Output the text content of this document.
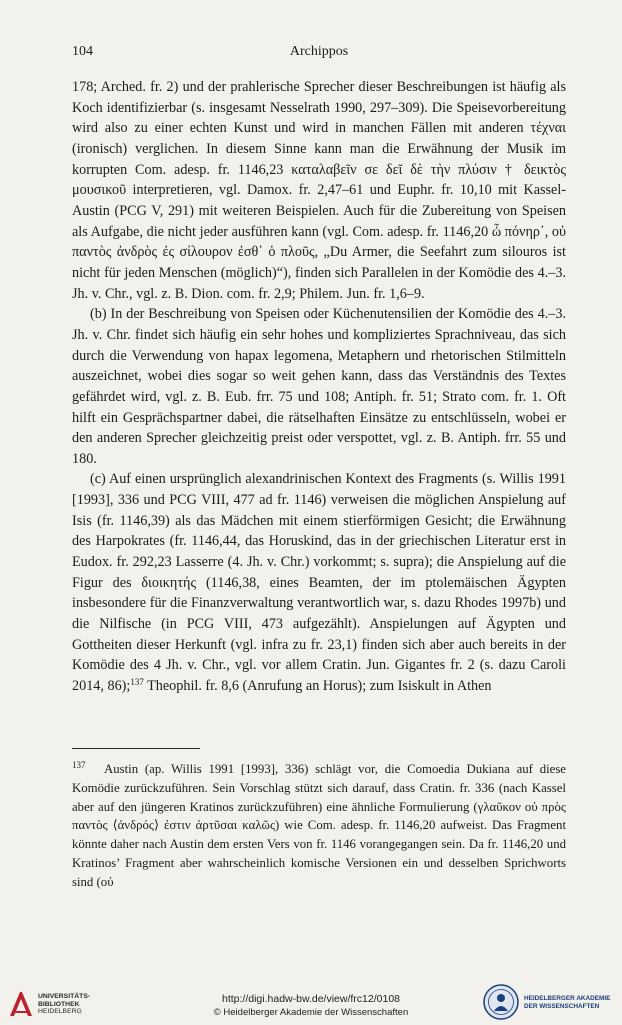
104	Archippos

178; Arched. fr. 2) und der prahlerische Sprecher dieser Beschreibungen ist häufig als Koch identifizierbar (s. insgesamt Nesselrath 1990, 297–309). Die Speisevorbereitung wird also zu einer echten Kunst und wird in manchen Fällen mit anderen τέχναι (ironisch) verglichen. In diesem Sinne kann man die Erwähnung der Musik im korrupten Com. adesp. fr. 1146,23 καταλαβεῖν σε δεῖ δὲ τὴν πλύσιν † δεικτὸς μουσικοῦ interpretieren, vgl. Damox. fr. 2,47–61 und Euphr. fr. 10,10 mit Kassel-Austin (PCG V, 291) mit weiteren Beispielen. Auch für die Zubereitung von Speisen als Aufgabe, die nicht jeder ausführen kann (vgl. Com. adesp. fr. 1146,20 ὦ πόνηρ᾽, οὐ παντὸς ἀνδρὸς ἐς σίλουρον ἐσθ᾽ ὁ πλοῦς, „Du Armer, die Seefahrt zum silouros ist nicht für jeden Menschen (möglich)“), finden sich Parallelen in der Komödie des 4.–3. Jh. v. Chr., vgl. z. B. Dion. com. fr. 2,9; Philem. Jun. fr. 1,6–9.

(b) In der Beschreibung von Speisen oder Küchenutensilien der Komödie des 4.–3. Jh. v. Chr. findet sich häufig ein sehr hohes und kompliziertes Sprachniveau, das sich durch die Verwendung von hapax legomena, Metaphern und rhetorischen Stilmitteln auszeichnet, wobei dies sogar so weit gehen kann, dass das Verständnis des Textes gefährdet wird, vgl. z. B. Eub. frr. 75 und 108; Antiph. fr. 51; Strato com. fr. 1. Oft hilft ein Gesprächspartner dabei, die rätselhaften Einsätze zu entschlüsseln, wobei er den anderen Sprecher gleichzeitig preist oder verspottet, vgl. z. B. Antiph. frr. 55 und 180.

(c) Auf einen ursprünglich alexandrinischen Kontext des Fragments (s. Willis 1991 [1993], 336 und PCG VIII, 477 ad fr. 1146) verweisen die möglichen Anspielung auf Isis (fr. 1146,39) als das Mädchen mit einem stierförmigen Gesicht; die Erwähnung des Harpokrates (fr. 1146,44, das Horuskind, das in der griechischen Literatur erst in Eudox. fr. 292,23 Lasserre (4. Jh. v. Chr.) vorkommt; s. supra); die Anspielung auf die Figur des διοικητής (1146,38, eines Beamten, der im ptolemäischen Ägypten insbesondere für die Finanzverwaltung verantwortlich war, s. dazu Rhodes 1997b) und die Nilfische (in PCG VIII, 473 aufgezählt). Anspielungen auf Ägypten und Gottheiten dieser Herkunft (vgl. infra zu fr. 23,1) finden sich aber auch bereits in der Komödie des 4 Jh. v. Chr., vgl. vor allem Cratin. Jun. Gigantes fr. 2 (s. dazu Caroli 2014, 86);$^{137}$ Theophil. fr. 8,6 (Anrufung an Horus); zum Isiskult in Athen

137 Austin (ap. Willis 1991 [1993], 336) schlägt vor, die Comoedia Dukiana auf diese Komödie zurückzuführen. Sein Vorschlag stützt sich darauf, dass Cratin. fr. 336 (nach Kassel aber auf den jüngeren Kratinos zurückzuführen) eine ähnliche Formulierung (γλαῦκον οὐ πρὸς παντὸς ⟨ἀνδρός⟩ ἐστιν ἀρτῦσαι καλῶς) wie Com. adesp. fr. 1146,20 aufweist. Das Fragment könnte daher nach Austin dem ersten Vers von fr. 1146 vorangegangen sein. Da fr. 1146,20 und Kratinos’ Fragment aber wahrscheinlich komische Versionen ein und desselben Sprichworts sind (οὐ
UNIVERSITÄTS-
BIBLIOTHEK
HEIDELBERG
http://digi.hadw-bw.de/view/frc12/0108
© Heidelberger Akademie der Wissenschaften
HEIDELBERGER AKADEMIE
DER WISSENSCHAFTEN
